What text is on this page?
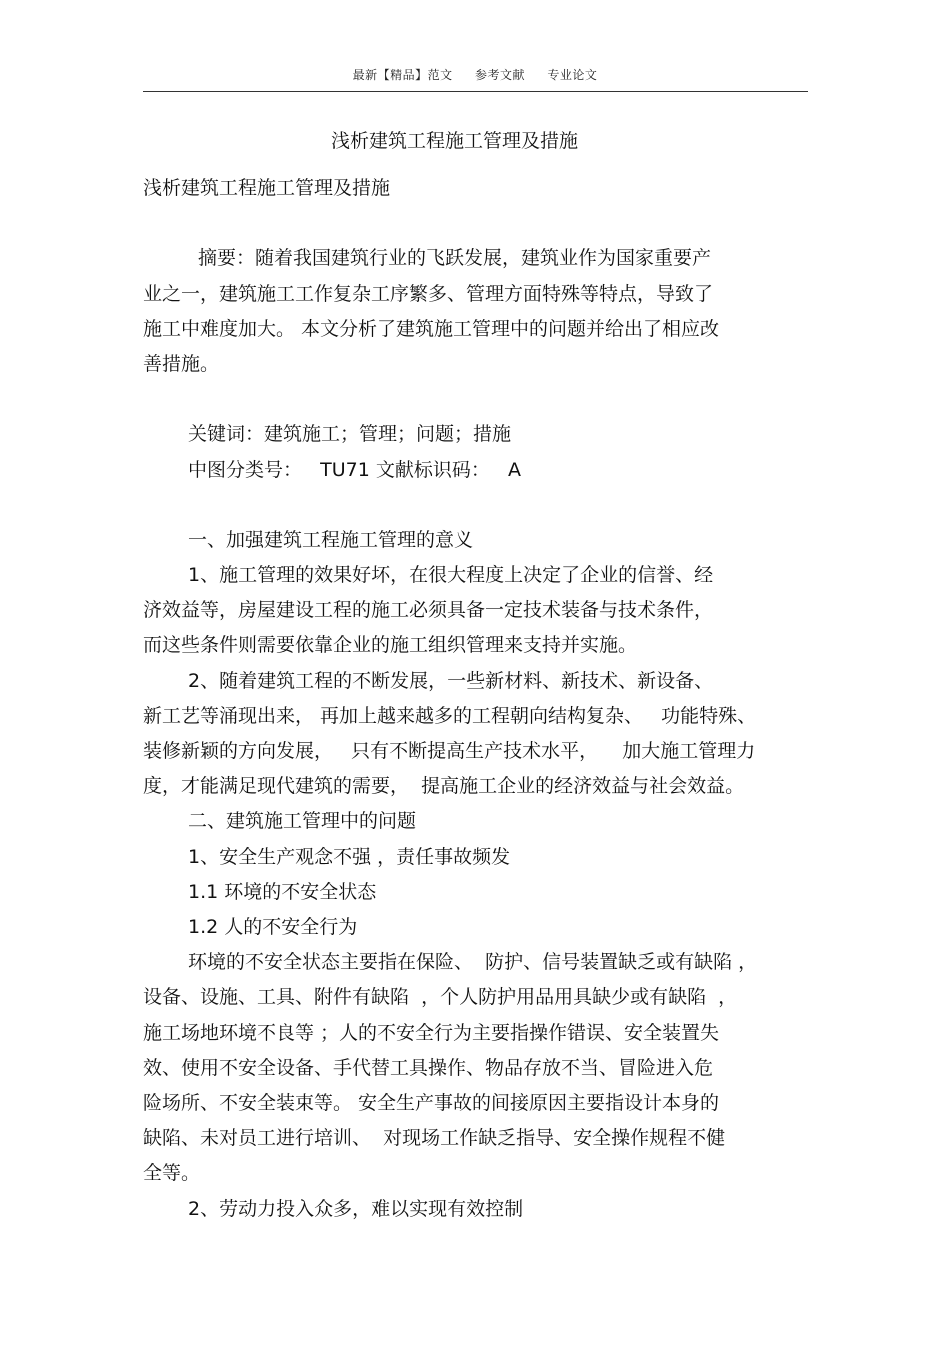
最新【精品】范文 参考文献 专业论文
浅析建筑工程施工管理及措施
浅析建筑工程施工管理及措施
摘要：随着我国建筑行业的飞跃发展，建筑业作为国家重要产
业之一，建筑施工工作复杂工序繁多、管理方面特殊等特点，导致了
施工中难度加大。 本文分析了建筑施工管理中的问题并给出了相应改
善措施。
关键词：建筑施工；管理；问题；措施
中图分类号：   TU71 文献标识码：   A
一、加强建筑工程施工管理的意义
1、施工管理的效果好坏，在很大程度上决定了企业的信誉、经
济效益等，房屋建设工程的施工必须具备一定技术装备与技术条件，
而这些条件则需要依靠企业的施工组织管理来支持并实施。
2、随着建筑工程的不断发展，一些新材料、新技术、新设备、
新工艺等涌现出来， 再加上越来越多的工程朝向结构复杂、   功能特殊、
装修新颖的方向发展，   只有不断提高生产技术水平，    加大施工管理力
度，才能满足现代建筑的需要，  提高施工企业的经济效益与社会效益。
二、建筑施工管理中的问题
1、安全生产观念不强 ，责任事故频发
1.1 环境的不安全状态
1.2 人的不安全行为
环境的不安全状态主要指在保险、  防护、信号装置缺乏或有缺陷 ，
设备、设施、工具、附件有缺陷  ，个人防护用品用具缺少或有缺陷  ，
施工场地环境不良等 ；人的不安全行为主要指操作错误、安全装置失
效、使用不安全设备、手代替工具操作、物品存放不当、冒险进入危
险场所、不安全装束等。 安全生产事故的间接原因主要指设计本身的
缺陷、未对员工进行培训、  对现场工作缺乏指导、安全操作规程不健
全等。
2、劳动力投入众多，难以实现有效控制
